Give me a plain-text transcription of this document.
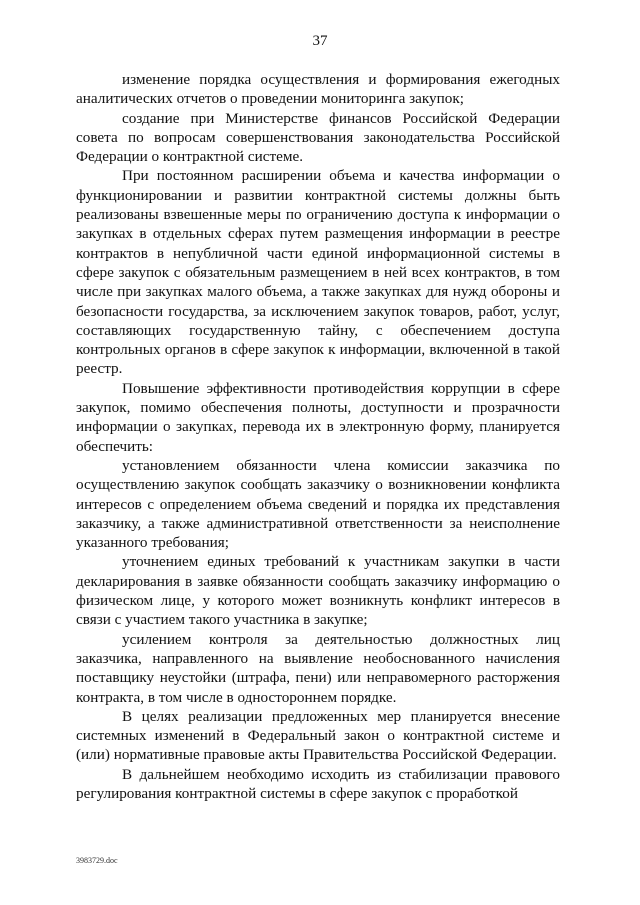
37

изменение порядка осуществления и формирования ежегодных аналитических отчетов о проведении мониторинга закупок;

создание при Министерстве финансов Российской Федерации совета по вопросам совершенствования законодательства Российской Федерации о контрактной системе.

При постоянном расширении объема и качества информации о функционировании и развитии контрактной системы должны быть реализованы взвешенные меры по ограничению доступа к информации о закупках в отдельных сферах путем размещения информации в реестре контрактов в непубличной части единой информационной системы в сфере закупок с обязательным размещением в ней всех контрактов, в том числе при закупках малого объема, а также закупках для нужд обороны и безопасности государства, за исключением закупок товаров, работ, услуг, составляющих государственную тайну, с обеспечением доступа контрольных органов в сфере закупок к информации, включенной в такой реестр.

Повышение эффективности противодействия коррупции в сфере закупок, помимо обеспечения полноты, доступности и прозрачности информации о закупках, перевода их в электронную форму, планируется обеспечить:

установлением обязанности члена комиссии заказчика по осуществлению закупок сообщать заказчику о возникновении конфликта интересов с определением объема сведений и порядка их представления заказчику, а также административной ответственности за неисполнение указанного требования;

уточнением единых требований к участникам закупки в части декларирования в заявке обязанности сообщать заказчику информацию о физическом лице, у которого может возникнуть конфликт интересов в связи с участием такого участника в закупке;

усилением контроля за деятельностью должностных лиц заказчика, направленного на выявление необоснованного начисления поставщику неустойки (штрафа, пени) или неправомерного расторжения контракта, в том числе в одностороннем порядке.

В целях реализации предложенных мер планируется внесение системных изменений в Федеральный закон о контрактной системе и (или) нормативные правовые акты Правительства Российской Федерации.

В дальнейшем необходимо исходить из стабилизации правового регулирования контрактной системы в сфере закупок с проработкой

3983729.doc
